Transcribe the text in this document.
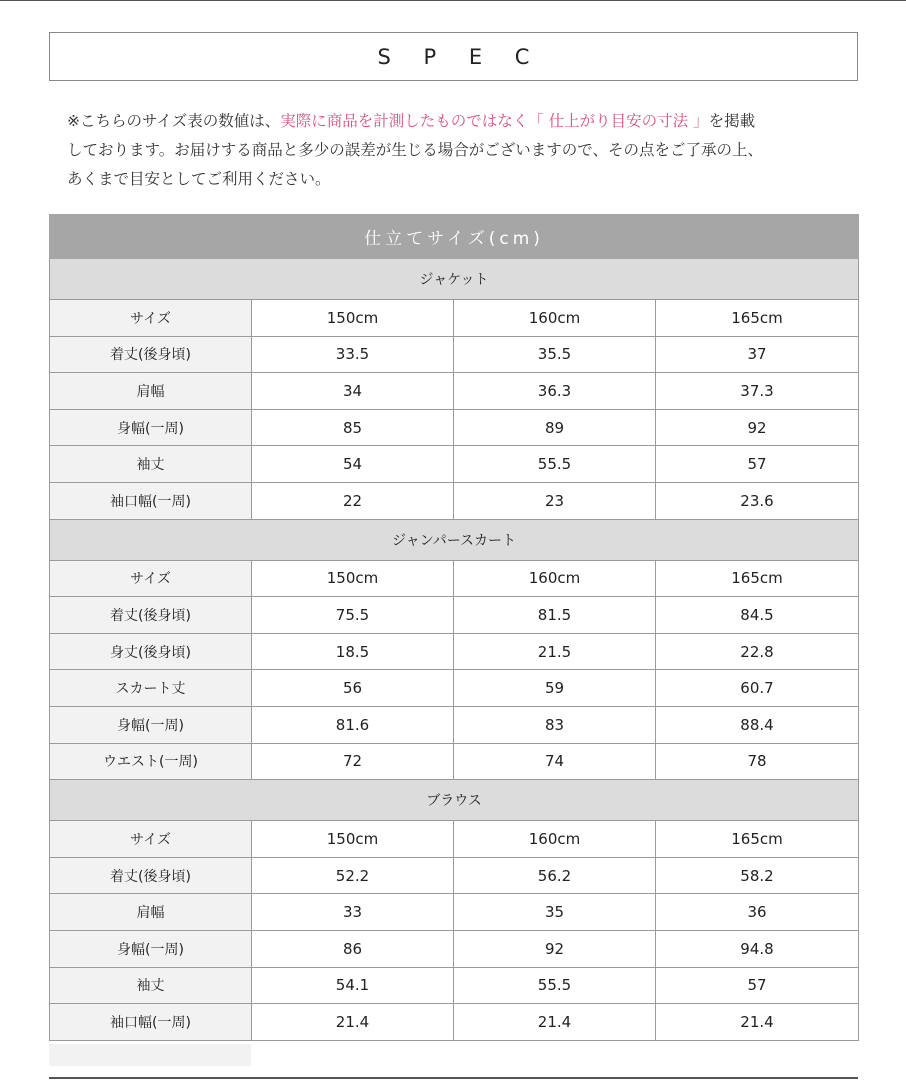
S P E C
※こちらのサイズ表の数値は、実際に商品を計測したものではなく「 仕上がり目安の寸法 」を掲載
しております。お届けする商品と多少の誤差が生じる場合がございますので、その点をご了承の上、
あくまで目安としてご利用ください。
仕立てサイズ(cm)			
ジャケット			
サイズ	150cm	160cm	165cm
着丈(後身頃)	33.5	35.5	37
肩幅	34	36.3	37.3
身幅(一周)	85	89	92
袖丈	54	55.5	57
袖口幅(一周)	22	23	23.6
ジャンパースカート			
サイズ	150cm	160cm	165cm
着丈(後身頃)	75.5	81.5	84.5
身丈(後身頃)	18.5	21.5	22.8
スカート丈	56	59	60.7
身幅(一周)	81.6	83	88.4
ウエスト(一周)	72	74	78
ブラウス			
サイズ	150cm	160cm	165cm
着丈(後身頃)	52.2	56.2	58.2
肩幅	33	35	36
身幅(一周)	86	92	94.8
袖丈	54.1	55.5	57
袖口幅(一周)	21.4	21.4	21.4
